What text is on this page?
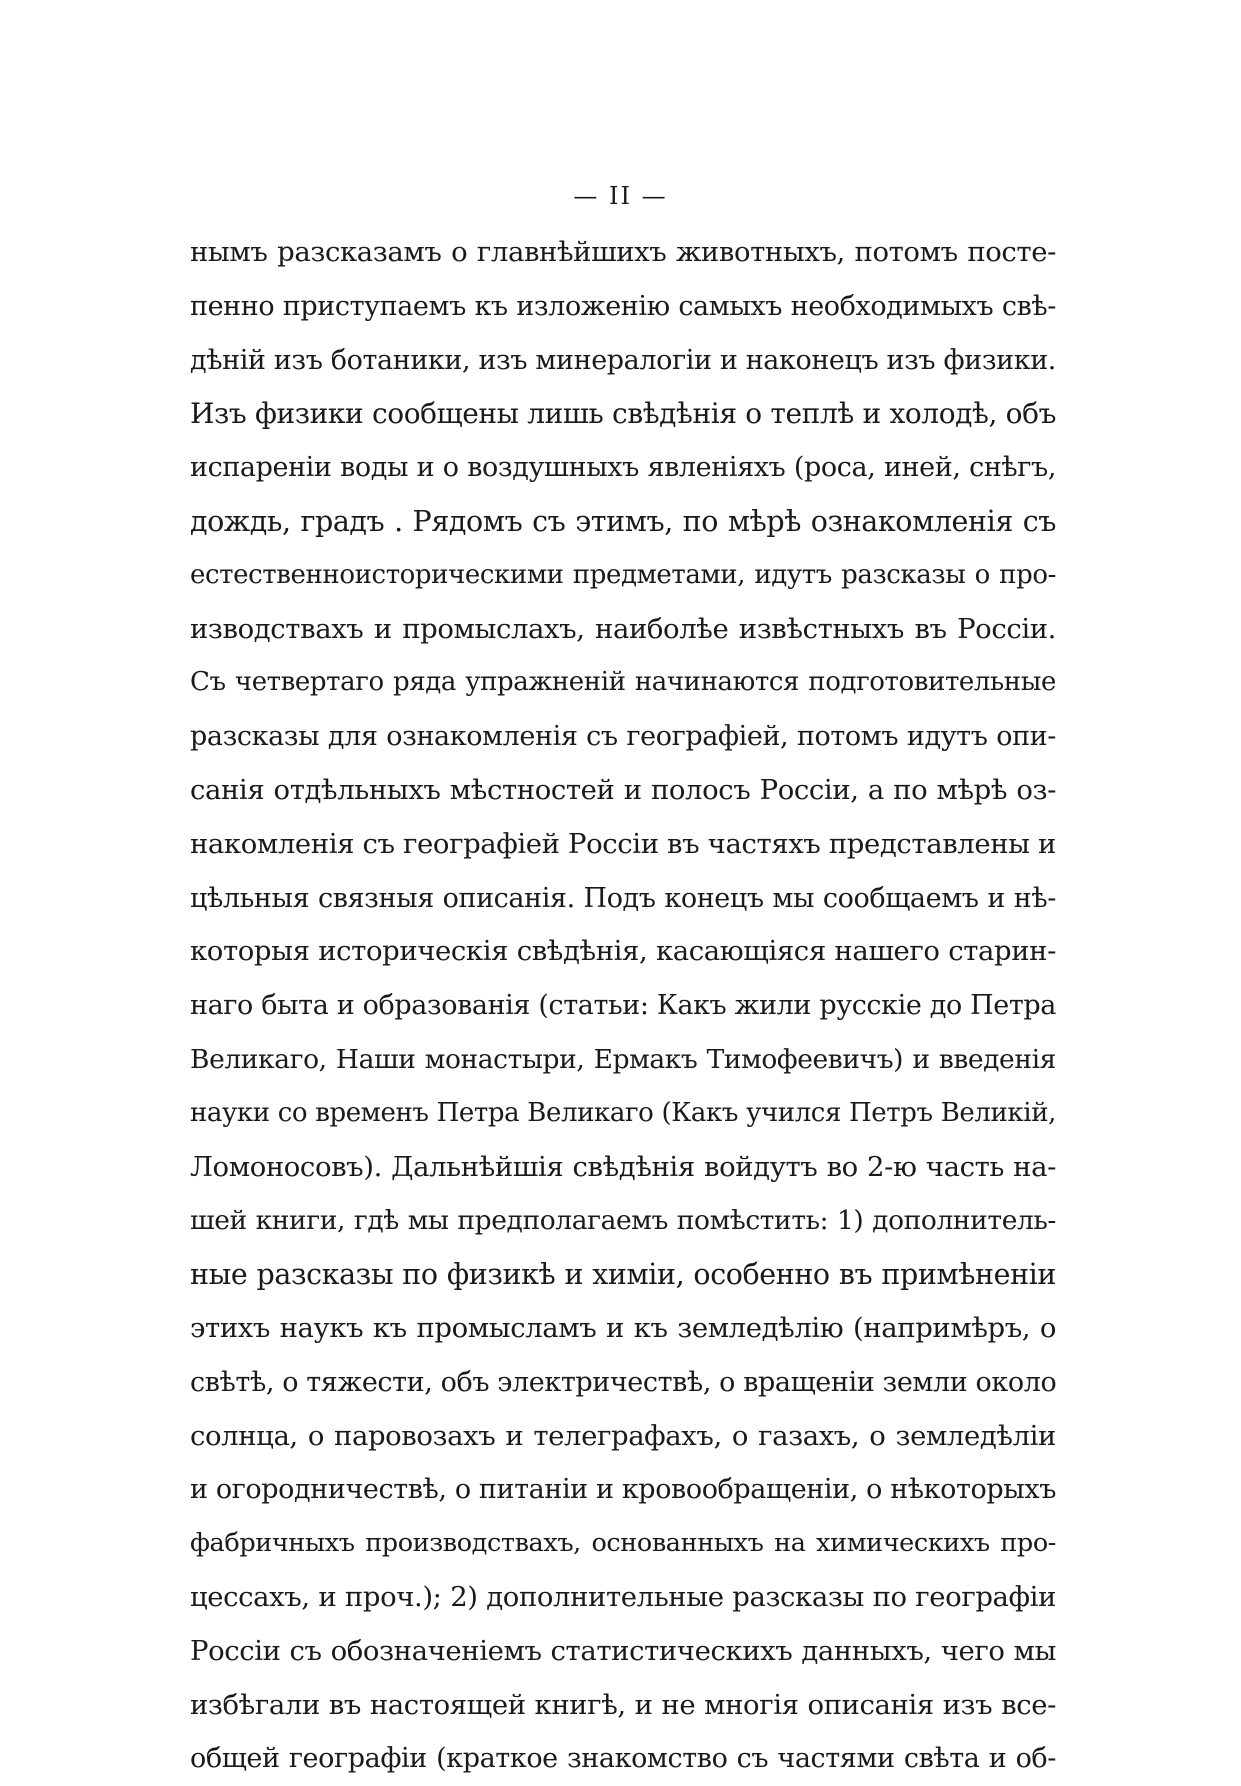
— II —
нымъ разсказамъ о главнѣйшихъ животныхъ, потомъ посте-
пенно приступаемъ къ изложенію самыхъ необходимыхъ свѣ-
дѣній изъ ботаники, изъ минералогіи и наконецъ изъ физики.
Изъ физики сообщены лишь свѣдѣнія о теплѣ и холодѣ, объ
испареніи воды и о воздушныхъ явленіяхъ (роса, иней, снѣгъ,
дождь, градъ . Рядомъ съ этимъ, по мѣрѣ ознакомленія съ
естественноисторическими предметами, идутъ разсказы о про-
изводствахъ и промыслахъ, наиболѣе извѣстныхъ въ Россіи.
Съ четвертаго ряда упражненій начинаются подготовительные
разсказы для ознакомленія съ географіей, потомъ идутъ опи-
санія отдѣльныхъ мѣстностей и полосъ Россіи, а по мѣрѣ оз-
накомленія съ географіей Россіи въ частяхъ представлены и
цѣльныя связныя описанія. Подъ конецъ мы сообщаемъ и нѣ-
которыя историческія свѣдѣнія, касающіяся нашего старин-
наго быта и образованія (статьи: Какъ жили русскіе до Петра
Великаго, Наши монастыри, Ермакъ Тимофеевичъ) и введенія
науки со временъ Петра Великаго (Какъ учился Петръ Великій,
Ломоносовъ). Дальнѣйшія свѣдѣнія войдутъ во 2-ю часть на-
шей книги, гдѣ мы предполагаемъ помѣстить: 1) дополнитель-
ные разсказы по физикѣ и химіи, особенно въ примѣненіи
этихъ наукъ къ промысламъ и къ земледѣлію (напримѣръ, о
свѣтѣ, о тяжести, объ электричествѣ, о вращеніи земли около
солнца, о паровозахъ и телеграфахъ, о газахъ, о земледѣліи
и огородничествѣ, о питаніи и кровообращеніи, о нѣкоторыхъ
фабричныхъ производствахъ, основанныхъ на химическихъ про-
цессахъ, и проч.); 2) дополнительные разсказы по географіи
Россіи съ обозначеніемъ статистическихъ данныхъ, чего мы
избѣгали въ настоящей книгѣ, и не многія описанія изъ все-
общей географіи (краткое знакомство съ частями свѣта и об-
